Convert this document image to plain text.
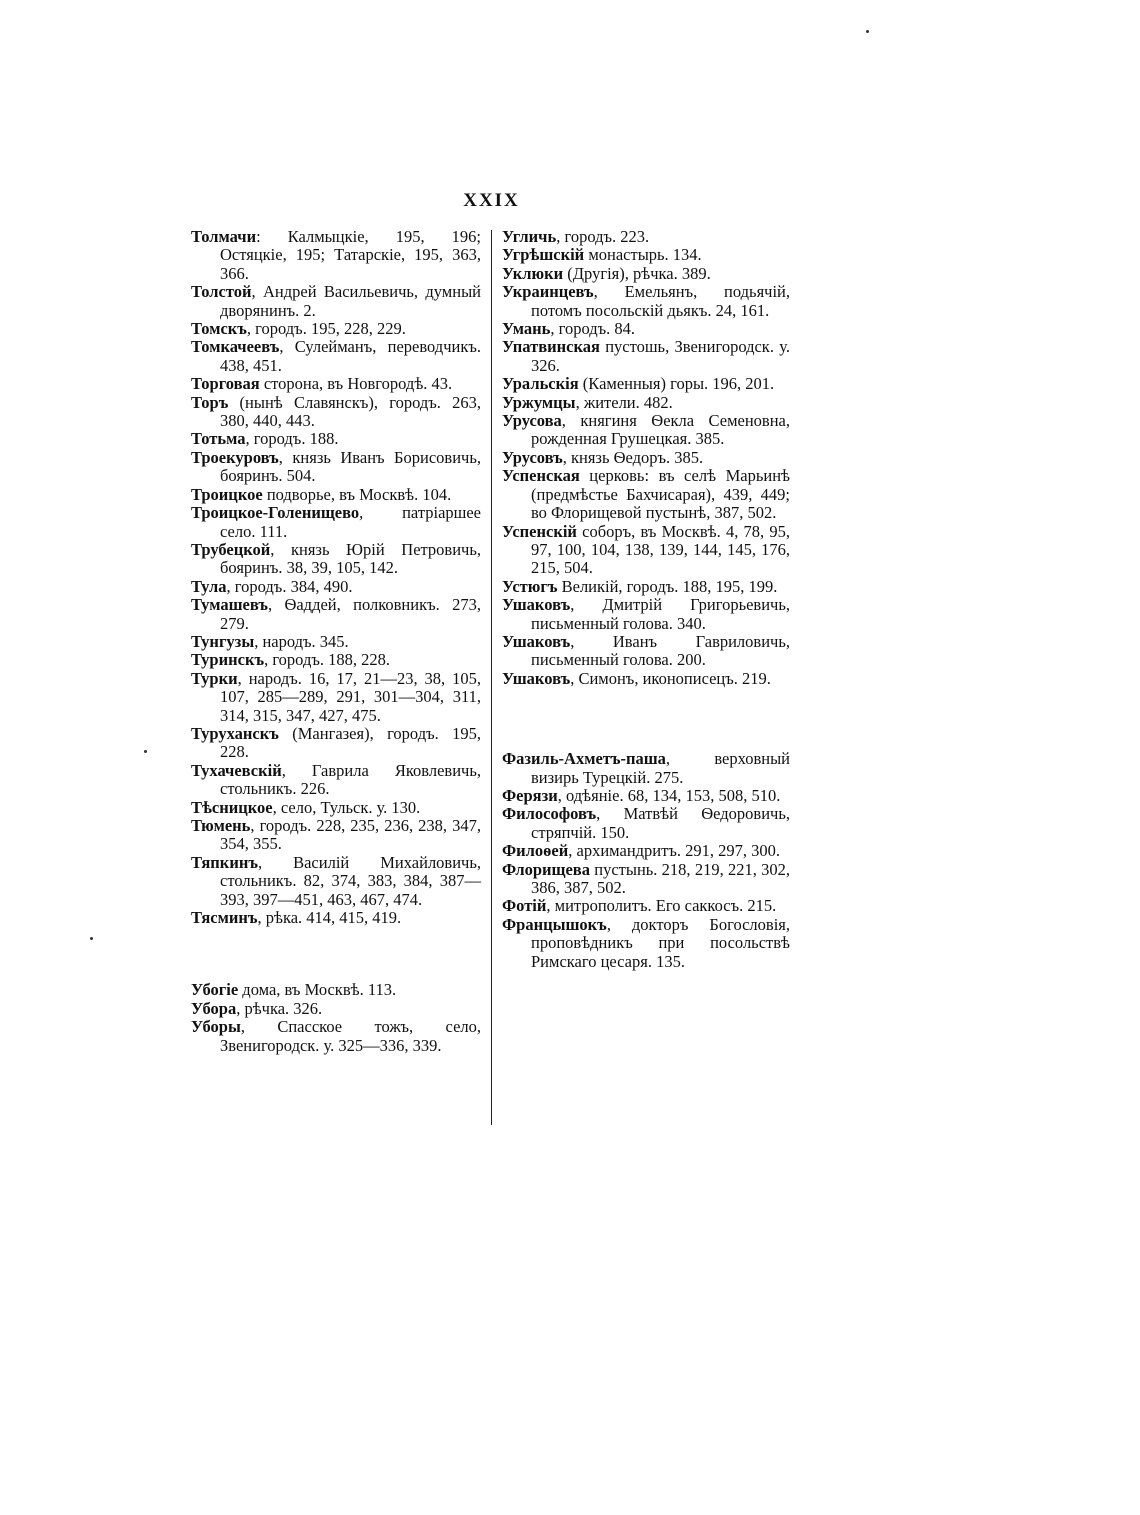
XXIX

Толмачи: Калмыцкіе, 195, 196; Остяцкіе, 195; Татарскіе, 195, 363, 366.

Толстой, Андрей Васильевичь, думный дворянинъ. 2.

Томскъ, городъ. 195, 228, 229.

Томкачеевъ, Сулейманъ, переводчикъ. 438, 451.

Торговая сторона, въ Новгородѣ. 43.

Торъ (нынѣ Славянскъ), городъ. 263, 380, 440, 443.

Тотьма, городъ. 188.

Троекуровъ, князь Иванъ Борисовичь, бояринъ. 504.

Троицкое подворье, въ Москвѣ. 104.

Троицкое-Голенищево, патріаршее село. 111.

Трубецкой, князь Юрій Петровичь, бояринъ. 38, 39, 105, 142.

Тула, городъ. 384, 490.

Тумашевъ, Ѳаддей, полковникъ. 273, 279.

Тунгузы, народъ. 345.

Туринскъ, городъ. 188, 228.

Турки, народъ. 16, 17, 21—23, 38, 105, 107, 285—289, 291, 301—304, 311, 314, 315, 347, 427, 475.

Туруханскъ (Мангазея), городъ. 195, 228.

Тухачевскій, Гаврила Яковлевичь, стольникъ. 226.

Тѣсницкое, село, Тульск. у. 130.

Тюмень, городъ. 228, 235, 236, 238, 347, 354, 355.

Тяпкинъ, Василій Михайловичь, стольникъ. 82, 374, 383, 384, 387—393, 397—451, 463, 467, 474.

Тясминъ, рѣка. 414, 415, 419.

Убогіе дома, въ Москвѣ. 113.

Убора, рѣчка. 326.

Уборы, Спасское тожъ, село, Звенигородск. у. 325—336, 339.

Угличь, городъ. 223.

Угрѣшскій монастырь. 134.

Уклюки (Другія), рѣчка. 389.

Украинцевъ, Емельянъ, подьячій, потомъ посольскій дьякъ. 24, 161.

Умань, городъ. 84.

Упатвинская пустошь, Звенигородск. у. 326.

Уральскія (Каменныя) горы. 196, 201.

Уржумцы, жители. 482.

Урусова, княгиня Ѳекла Семеновна, рожденная Грушецкая. 385.

Урусовъ, князь Ѳедоръ. 385.

Успенская церковь: въ селѣ Марьинѣ (предмѣстье Бахчисарая), 439, 449; во Флорищевой пустынѣ, 387, 502.

Успенскій соборъ, въ Москвѣ. 4, 78, 95, 97, 100, 104, 138, 139, 144, 145, 176, 215, 504.

Устюгъ Великій, городъ. 188, 195, 199.

Ушаковъ, Дмитрій Григорьевичь, письменный голова. 340.

Ушаковъ, Иванъ Гавриловичь, письменный голова. 200.

Ушаковъ, Симонъ, иконописецъ. 219.

Фазиль-Ахметъ-паша, верховный визирь Турецкій. 275.

Ферязи, одѣяніе. 68, 134, 153, 508, 510.

Философовъ, Матвѣй Ѳедоровичь, стряпчій. 150.

Филоѳей, архимандритъ. 291, 297, 300.

Флорищева пустынь. 218, 219, 221, 302, 386, 387, 502.

Фотій, митрополитъ. Его саккосъ. 215.

Францышокъ, докторъ Богословія, проповѣдникъ при посольствѣ Римскаго цесаря. 135.
